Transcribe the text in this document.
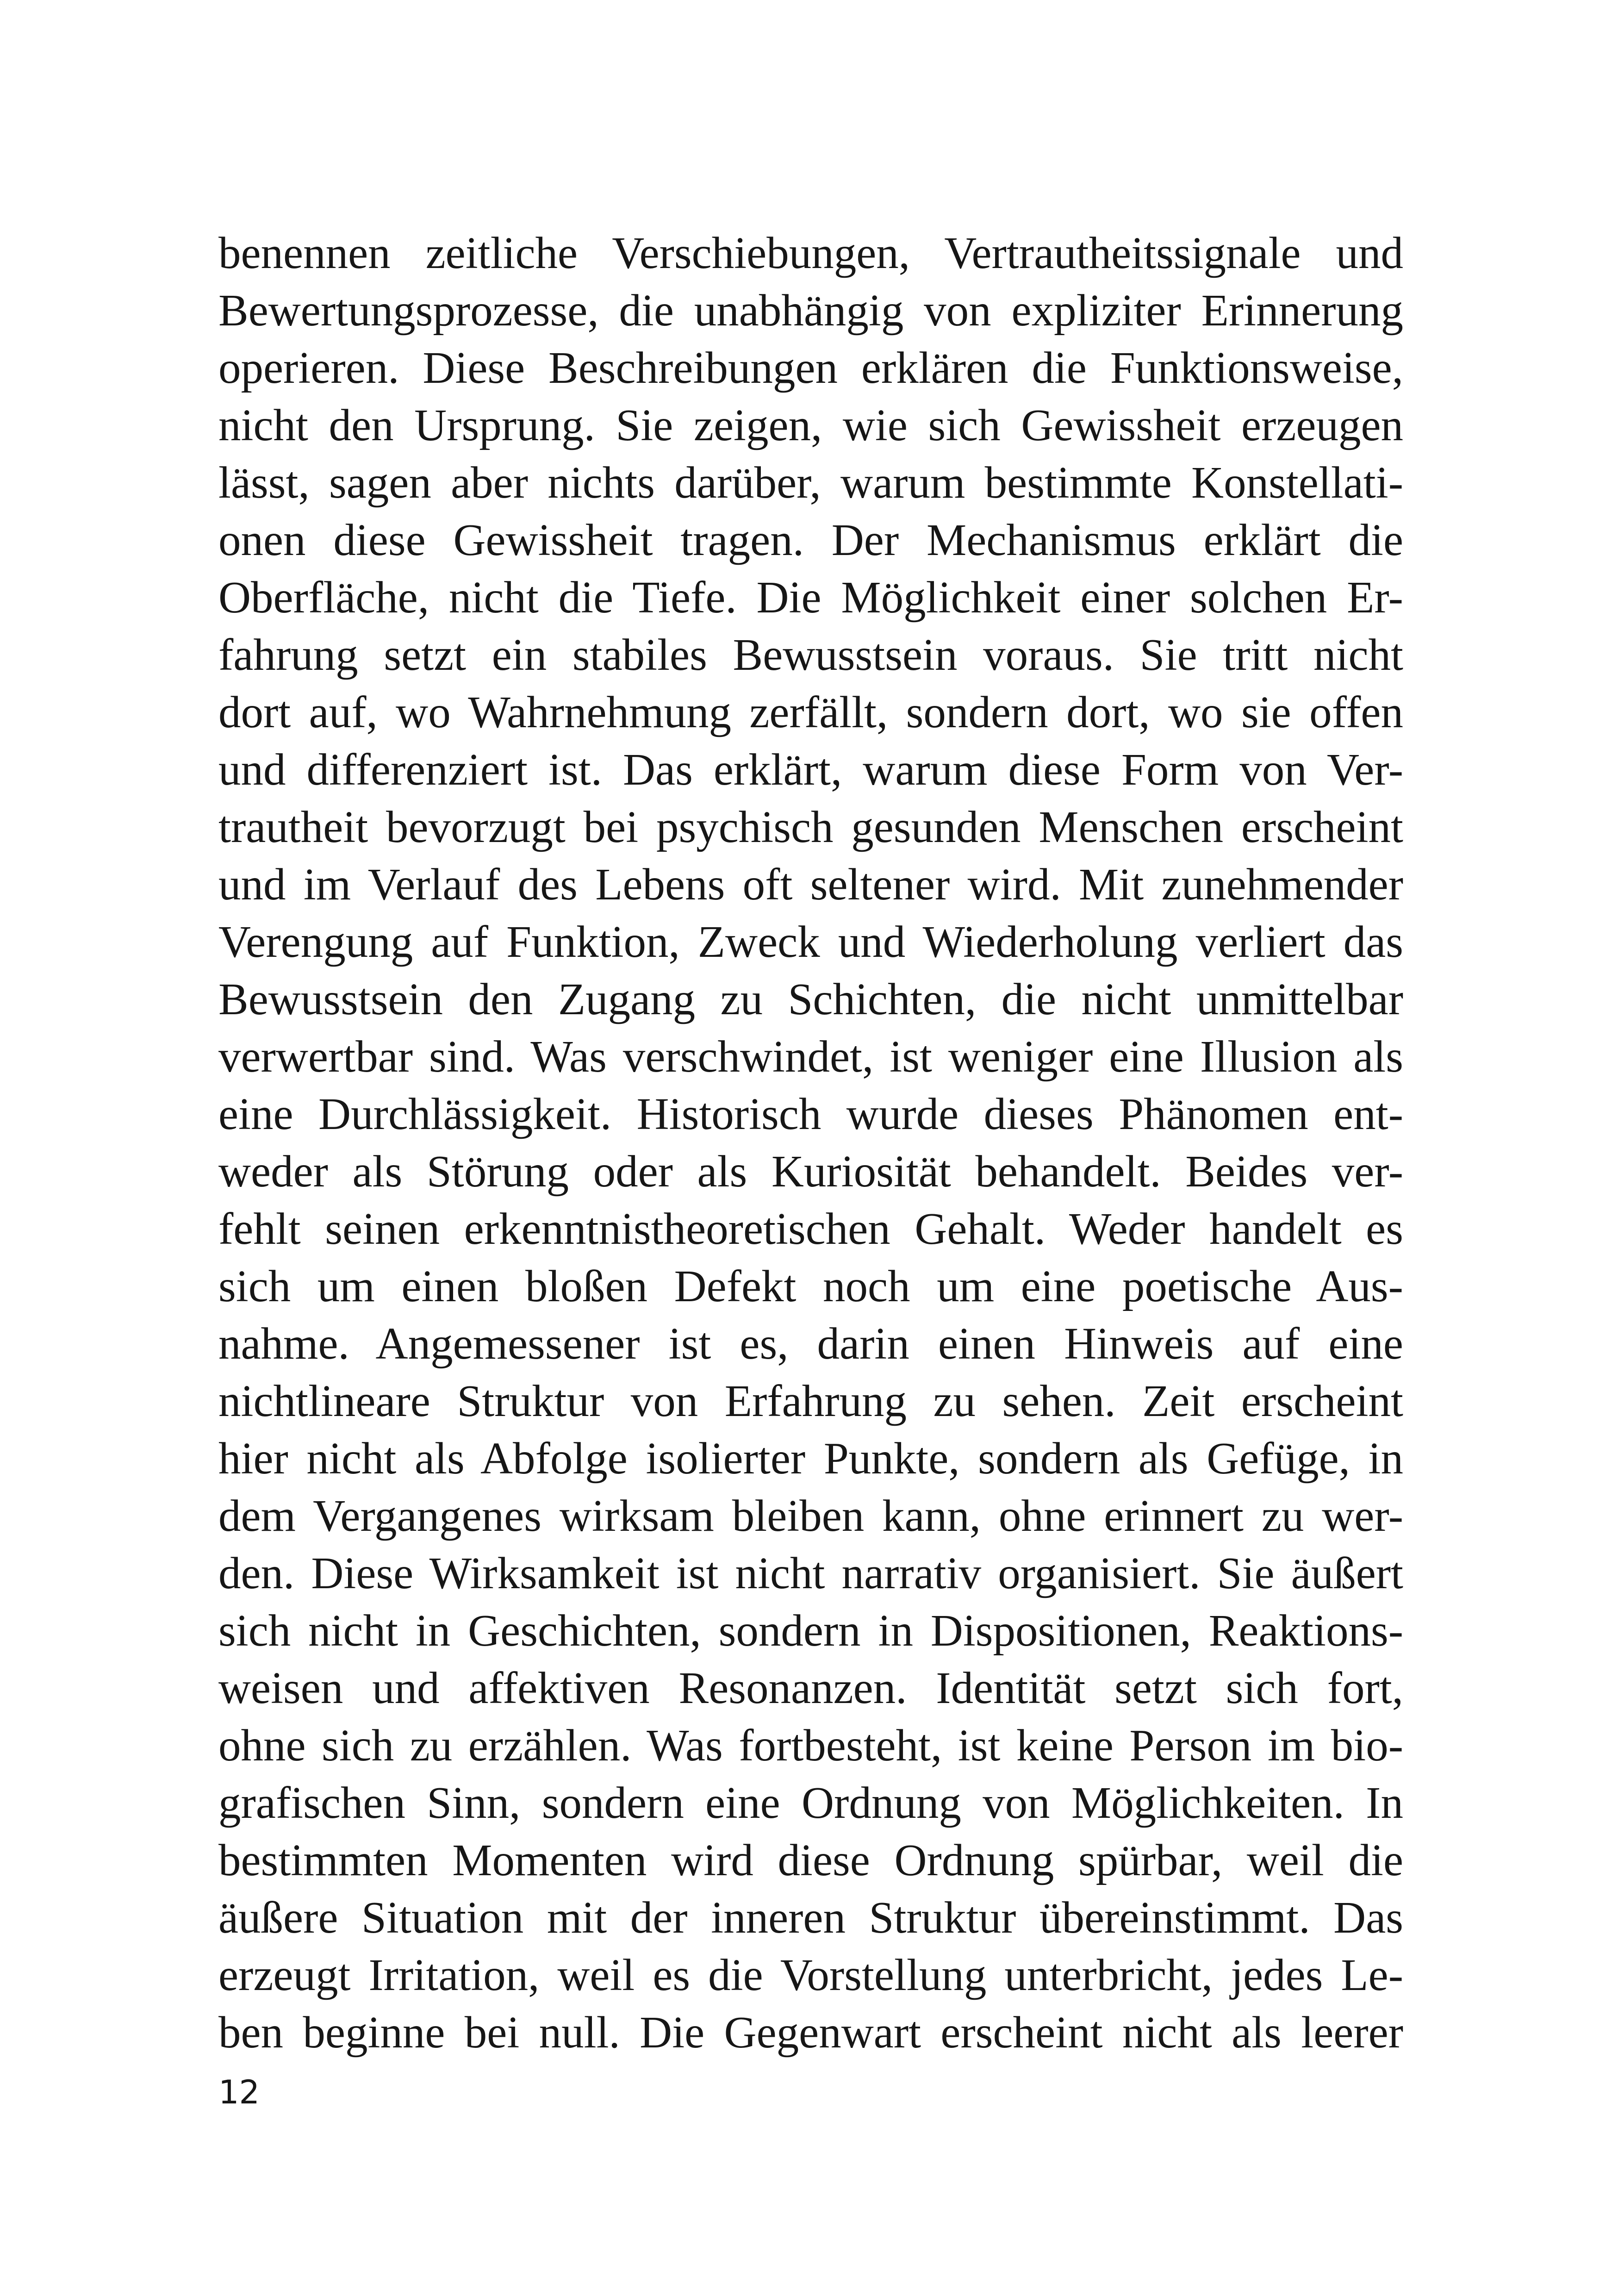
benennen zeitliche Verschiebungen, Vertrautheitssignale und
Bewertungsprozesse, die unabhängig von expliziter Erinnerung
operieren. Diese Beschreibungen erklären die Funktionsweise,
nicht den Ursprung. Sie zeigen, wie sich Gewissheit erzeugen
lässt, sagen aber nichts darüber, warum bestimmte Konstellati-
onen diese Gewissheit tragen. Der Mechanismus erklärt die
Oberfläche, nicht die Tiefe. Die Möglichkeit einer solchen Er-
fahrung setzt ein stabiles Bewusstsein voraus. Sie tritt nicht
dort auf, wo Wahrnehmung zerfällt, sondern dort, wo sie offen
und differenziert ist. Das erklärt, warum diese Form von Ver-
trautheit bevorzugt bei psychisch gesunden Menschen erscheint
und im Verlauf des Lebens oft seltener wird. Mit zunehmender
Verengung auf Funktion, Zweck und Wiederholung verliert das
Bewusstsein den Zugang zu Schichten, die nicht unmittelbar
verwertbar sind. Was verschwindet, ist weniger eine Illusion als
eine Durchlässigkeit. Historisch wurde dieses Phänomen ent-
weder als Störung oder als Kuriosität behandelt. Beides ver-
fehlt seinen erkenntnistheoretischen Gehalt. Weder handelt es
sich um einen bloßen Defekt noch um eine poetische Aus-
nahme. Angemessener ist es, darin einen Hinweis auf eine
nichtlineare Struktur von Erfahrung zu sehen. Zeit erscheint
hier nicht als Abfolge isolierter Punkte, sondern als Gefüge, in
dem Vergangenes wirksam bleiben kann, ohne erinnert zu wer-
den. Diese Wirksamkeit ist nicht narrativ organisiert. Sie äußert
sich nicht in Geschichten, sondern in Dispositionen, Reaktions-
weisen und affektiven Resonanzen. Identität setzt sich fort,
ohne sich zu erzählen. Was fortbesteht, ist keine Person im bio-
grafischen Sinn, sondern eine Ordnung von Möglichkeiten. In
bestimmten Momenten wird diese Ordnung spürbar, weil die
äußere Situation mit der inneren Struktur übereinstimmt. Das
erzeugt Irritation, weil es die Vorstellung unterbricht, jedes Le-
ben beginne bei null. Die Gegenwart erscheint nicht als leerer
12
